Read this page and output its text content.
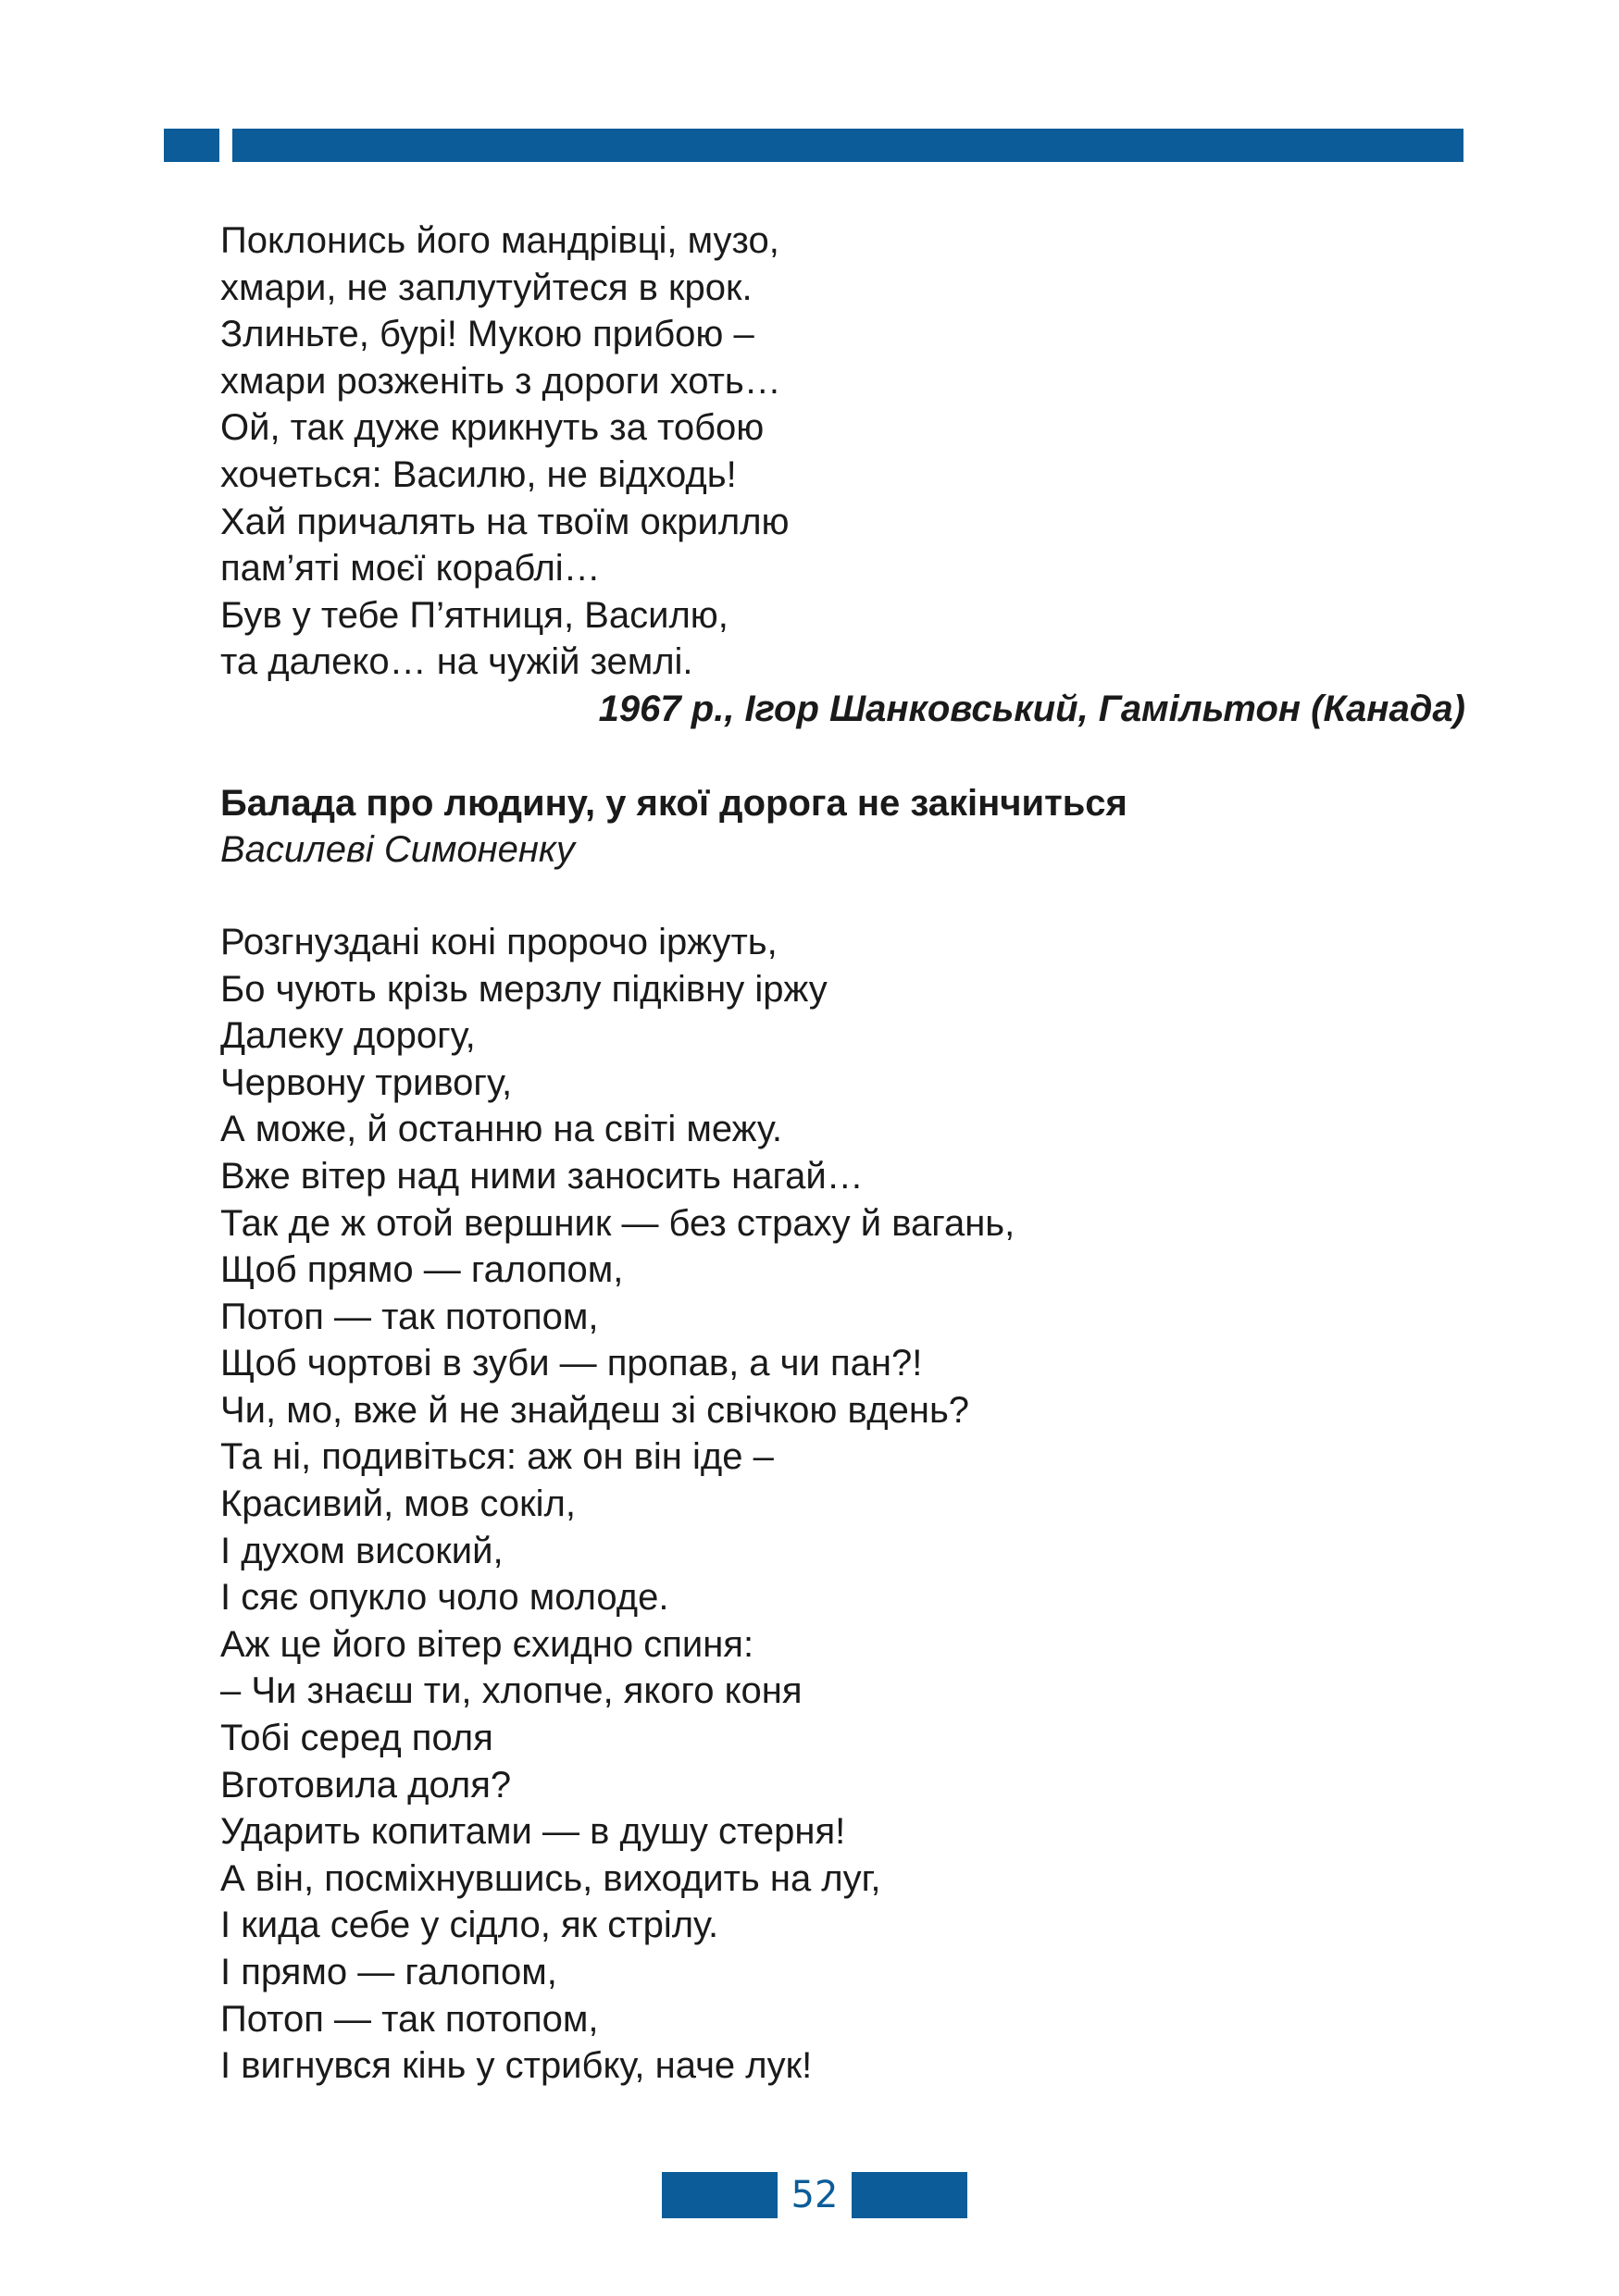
Поклонись його мандрівці, музо,
хмари, не заплутуйтеся в крок.
Злиньте, бурі! Мукою прибою –
хмари розженіть з дороги хоть…
Ой, так дуже крикнуть за тобою
хочеться: Василю, не відходь!
Хай причалять на твоїм окриллю
пам’яті моєї кораблі…
Був у тебе П’ятниця, Василю,
та далеко… на чужій землі.
1967 р., Ігор Шанковський, Гамільтон (Канада)
Балада про людину, у якої дорога не закінчиться
Василеві Симоненку
Розгнуздані коні пророчо іржуть,
Бо чують крізь мерзлу підківну іржу
Далеку дорогу,
Червону тривогу,
А може, й останню на світі межу.
Вже вітер над ними заносить нагай…
Так де ж отой вершник — без страху й вагань,
Щоб прямо — галопом,
Потоп — так потопом,
Щоб чортові в зуби — пропав, а чи пан?!
Чи, мо, вже й не знайдеш зі свічкою вдень?
Та ні, подивіться: аж он він іде –
Красивий, мов сокіл,
І духом високий,
І сяє опукло чоло молоде.
Аж це його вітер єхидно спиня:
– Чи знаєш ти, хлопче, якого коня
Тобі серед поля
Вготовила доля?
Ударить копитами — в душу стерня!
А він, посміхнувшись, виходить на луг,
І кида себе у сідло, як стрілу.
І прямо — галопом,
Потоп — так потопом,
І вигнувся кінь у стрибку, наче лук!
52
